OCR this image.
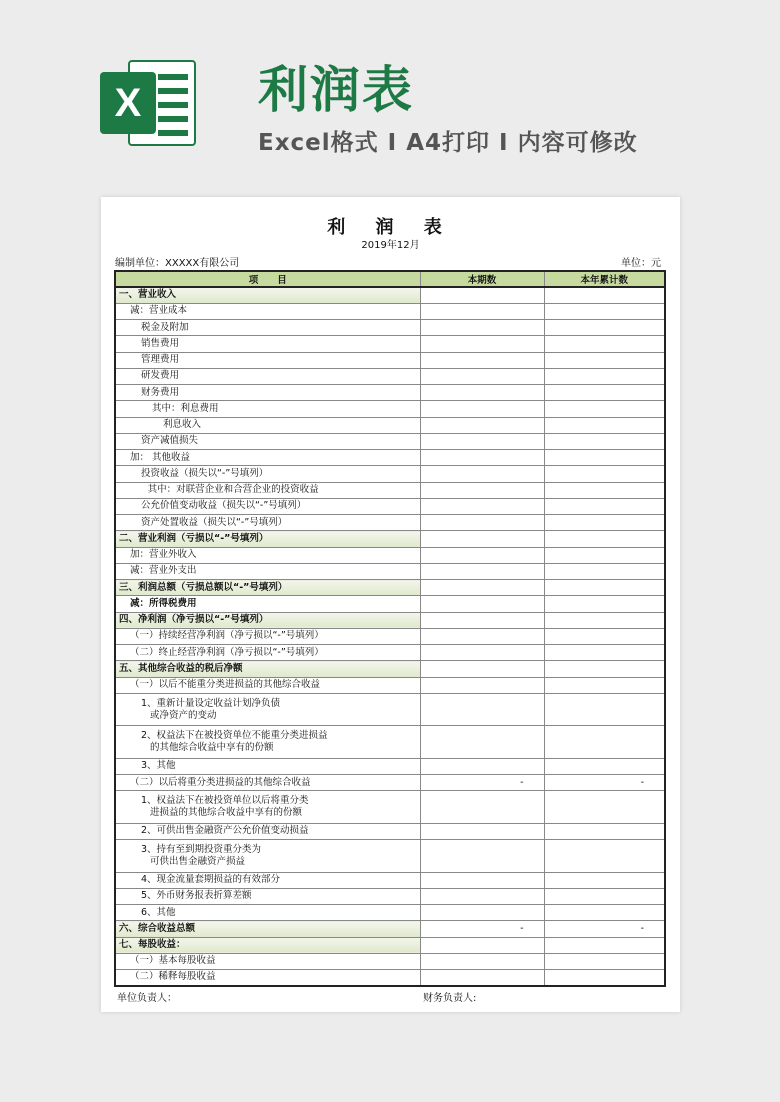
X 利润表
Excel格式 I A4打印 I 内容可修改
利 润 表
2019年12月
编制单位：XXXXX有限公司	单位：元
项　　目	本期数	本年累计数
一、营业收入		
减：营业成本		
税金及附加		
销售费用		
管理费用		
研发费用		
财务费用		
其中：利息费用		
利息收入		
资产减值损失		
加： 其他收益		
投资收益（损失以“-”号填列）		
其中：对联营企业和合营企业的投资收益		
公允价值变动收益（损失以“-”号填列）		
资产处置收益（损失以“-”号填列）		
二、营业利润（亏损以“-”号填列）		
加：营业外收入		
减：营业外支出		
三、利润总额（亏损总额以“-”号填列）		
减：所得税费用		
四、净利润（净亏损以“-”号填列）		
（一）持续经营净利润（净亏损以“-”号填列）		
（二）终止经营净利润（净亏损以“-”号填列）		
五、其他综合收益的税后净额		
（一）以后不能重分类进损益的其他综合收益		
1、重新计量设定收益计划净负债
或净资产的变动		
2、权益法下在被投资单位不能重分类进损益
的其他综合收益中享有的份额		
3、其他		
（二）以后将重分类进损益的其他综合收益	-	-
1、权益法下在被投资单位以后将重分类
进损益的其他综合收益中享有的份额		
2、可供出售金融资产公允价值变动损益		
3、持有至到期投资重分类为
可供出售金融资产损益		
4、现金流量套期损益的有效部分		
5、外币财务报表折算差额		
6、其他		
六、综合收益总额	-	-
七、每股收益：		
（一）基本每股收益		
（二）稀释每股收益		
单位负责人：	财务负责人:
